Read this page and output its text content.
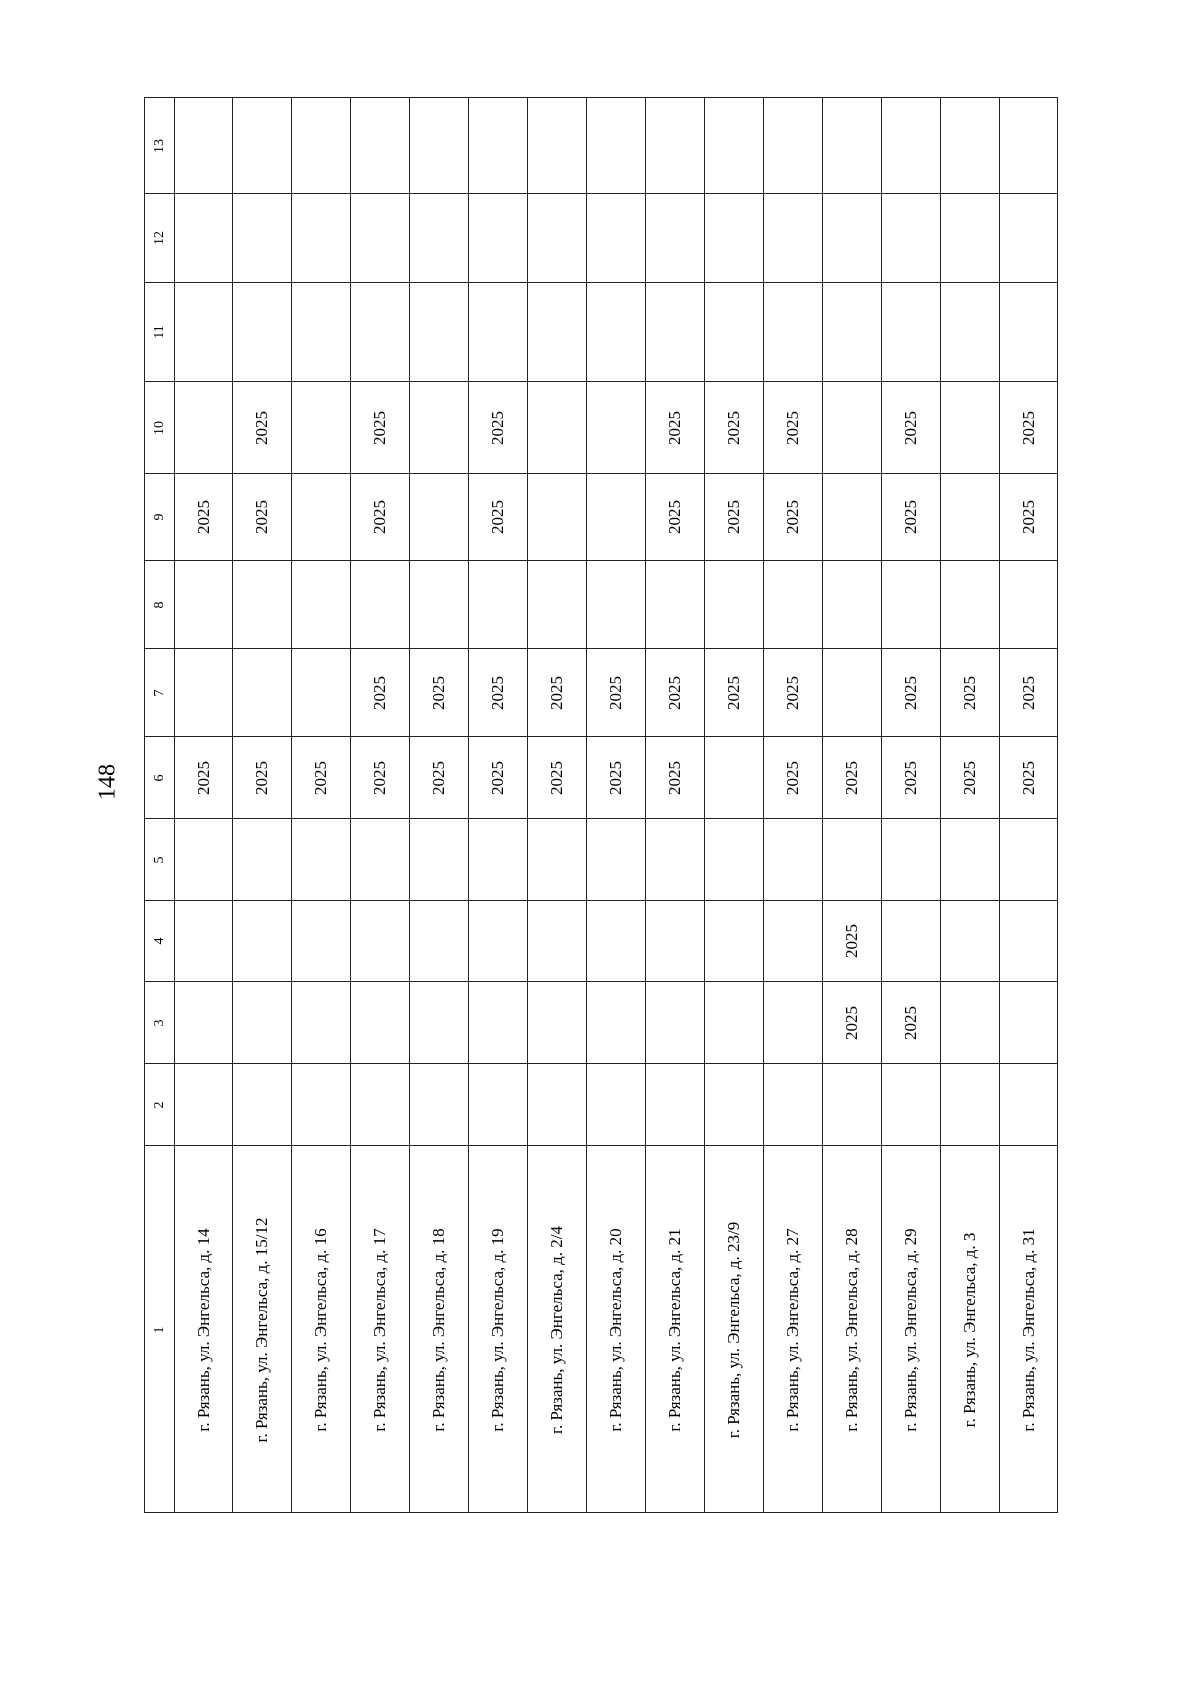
148
1
2
3
4
5
6
7
8
9
10
11
12
13
г. Рязань, ул. Энгельса, д. 14
2025
2025
г. Рязань, ул. Энгельса, д. 15/12
2025
2025
2025
г. Рязань, ул. Энгельса, д. 16
2025
г. Рязань, ул. Энгельса, д. 17
2025
2025
2025
2025
г. Рязань, ул. Энгельса, д. 18
2025
2025
г. Рязань, ул. Энгельса, д. 19
2025
2025
2025
2025
г. Рязань, ул. Энгельса, д. 2/4
2025
2025
г. Рязань, ул. Энгельса, д. 20
2025
2025
г. Рязань, ул. Энгельса, д. 21
2025
2025
2025
2025
г. Рязань, ул. Энгельса, д. 23/9
2025
2025
2025
г. Рязань, ул. Энгельса, д. 27
2025
2025
2025
2025
г. Рязань, ул. Энгельса, д. 28
2025
2025
2025
г. Рязань, ул. Энгельса, д. 29
2025
2025
2025
2025
2025
г. Рязань, ул. Энгельса, д. 3
2025
2025
г. Рязань, ул. Энгельса, д. 31
2025
2025
2025
2025
